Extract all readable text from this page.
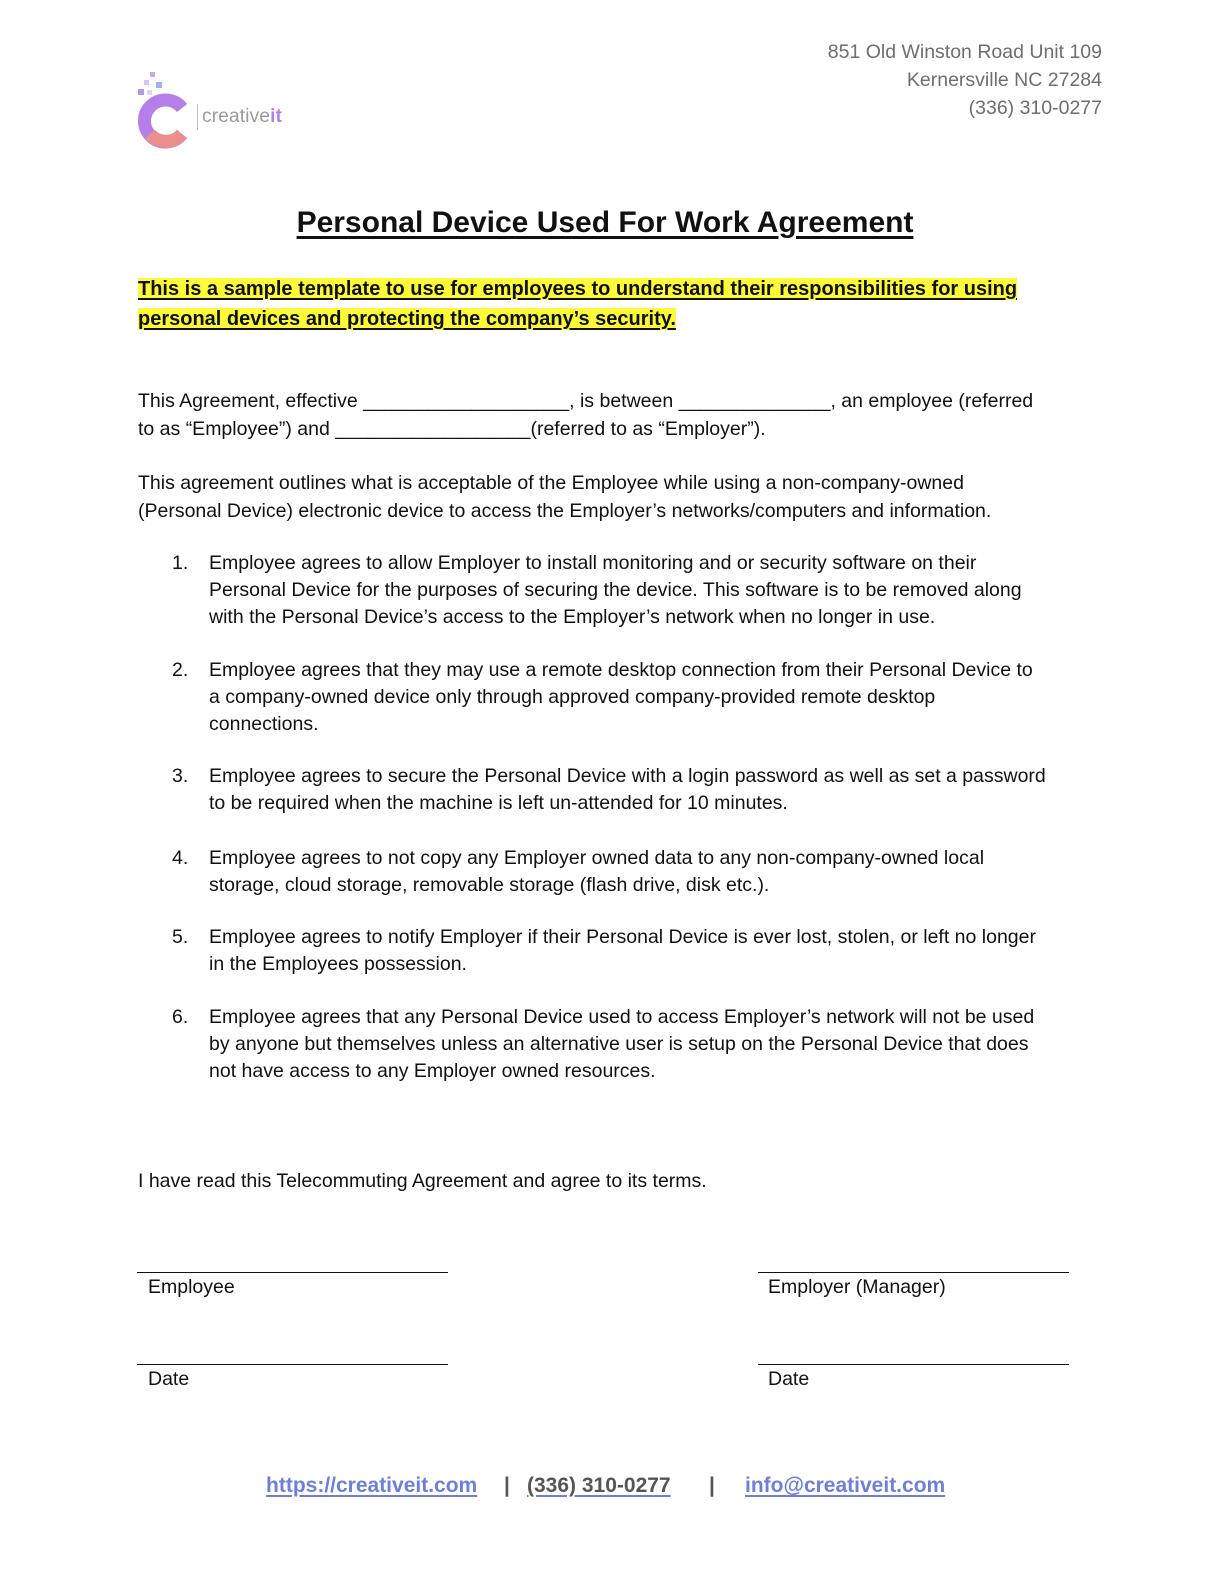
851 Old Winston Road Unit 109
Kernersville NC 27284
(336) 310-0277
creativeit
Personal Device Used For Work Agreement
This is a sample template to use for employees to understand their responsibilities for using
personal devices and protecting the company’s security.
This Agreement, effective ___________________, is between ______________, an employee (referred
to as “Employee”) and __________________(referred to as “Employer”).
This agreement outlines what is acceptable of the Employee while using a non-company-owned
(Personal Device) electronic device to access the Employer’s networks/computers and information.
1. Employee agrees to allow Employer to install monitoring and or security software on their
Personal Device for the purposes of securing the device. This software is to be removed along
with the Personal Device’s access to the Employer’s network when no longer in use.
2. Employee agrees that they may use a remote desktop connection from their Personal Device to
a company-owned device only through approved company-provided remote desktop
connections.
3. Employee agrees to secure the Personal Device with a login password as well as set a password
to be required when the machine is left un-attended for 10 minutes.
4. Employee agrees to not copy any Employer owned data to any non-company-owned local
storage, cloud storage, removable storage (flash drive, disk etc.).
5. Employee agrees to notify Employer if their Personal Device is ever lost, stolen, or left no longer
in the Employees possession.
6. Employee agrees that any Personal Device used to access Employer’s network will not be used
by anyone but themselves unless an alternative user is setup on the Personal Device that does
not have access to any Employer owned resources.
I have read this Telecommuting Agreement and agree to its terms.
Employee	Employer (Manager)
Date	Date
https://creativeit.com | (336) 310-0277 | info@creativeit.com
